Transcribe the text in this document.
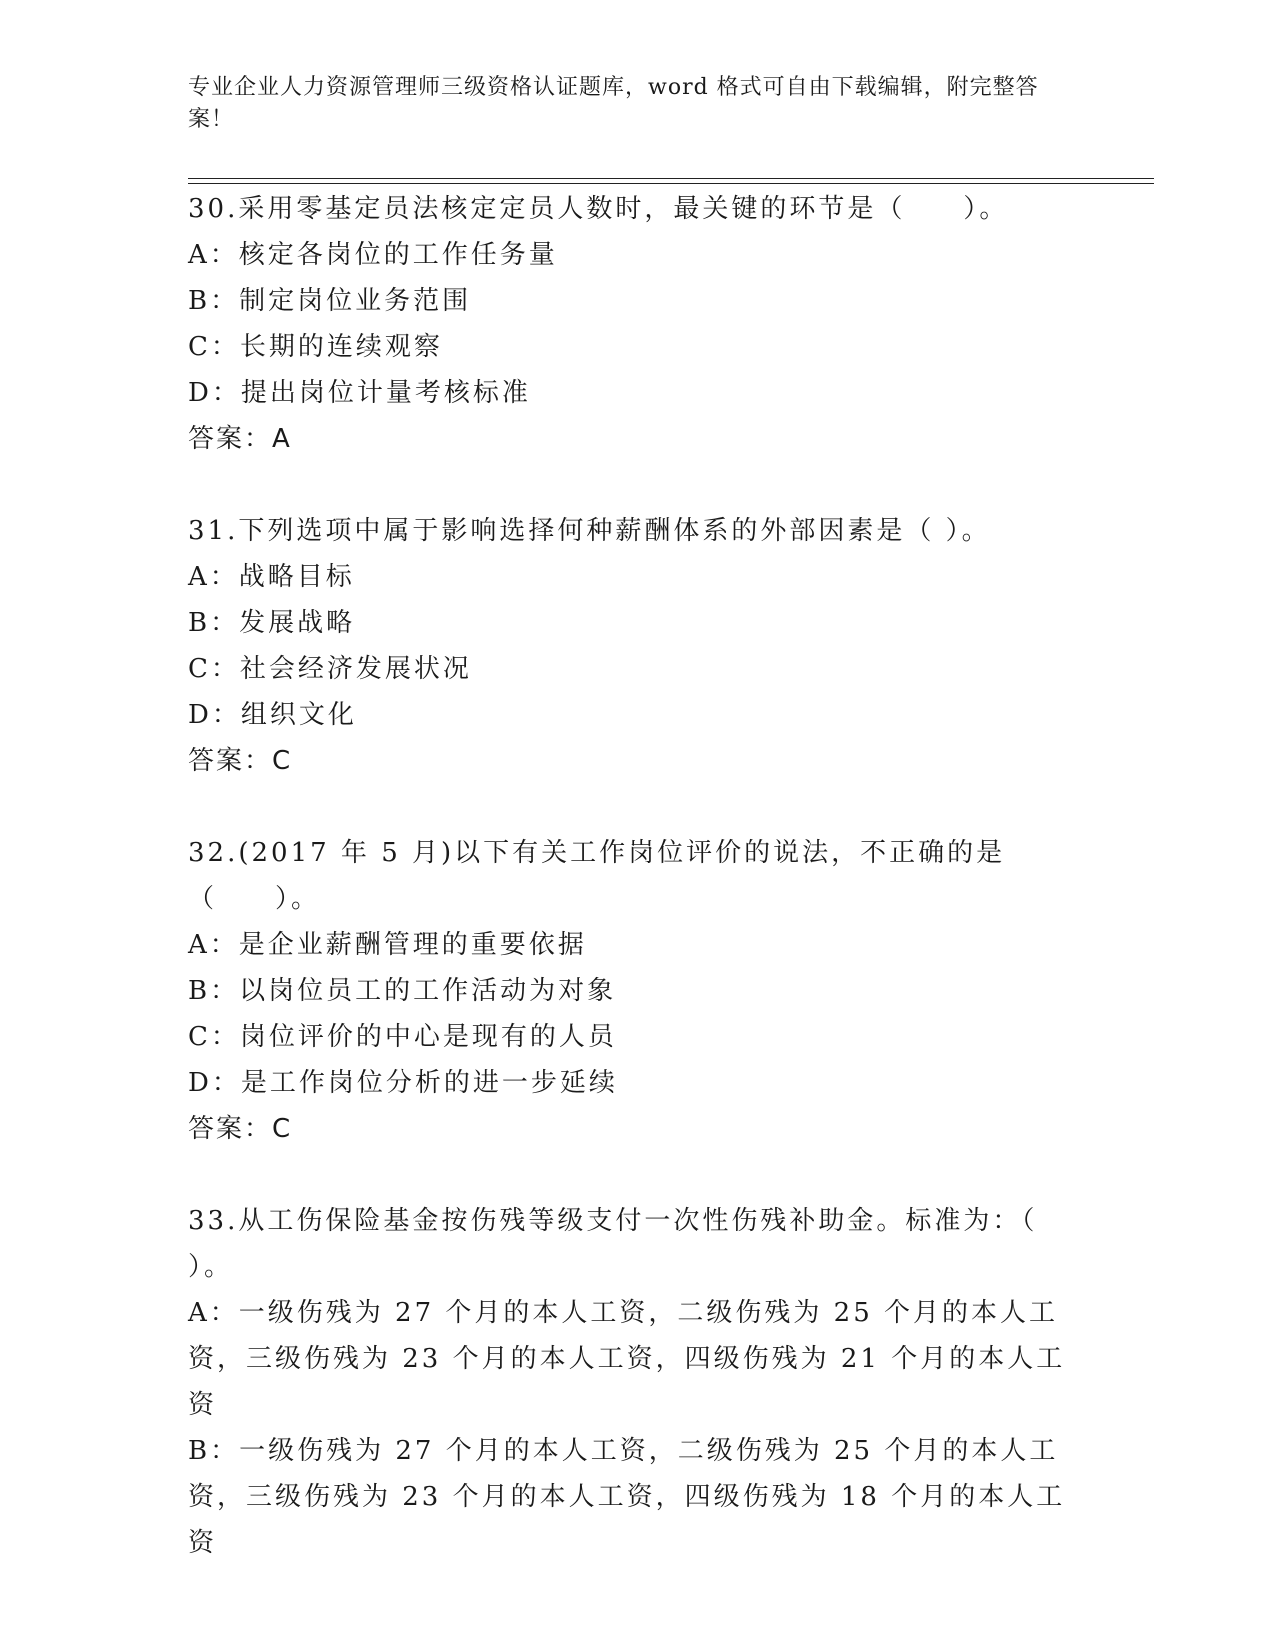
专业企业人力资源管理师三级资格认证题库，word 格式可自由下载编辑，附完整答案！
30.采用零基定员法核定定员人数时，最关键的环节是（　　）。
A：核定各岗位的工作任务量
B：制定岗位业务范围
C：长期的连续观察
D：提出岗位计量考核标准
答案：A
31.下列选项中属于影响选择何种薪酬体系的外部因素是（ ）。
A：战略目标
B：发展战略
C：社会经济发展状况
D：组织文化
答案：C
32.(2017 年 5 月)以下有关工作岗位评价的说法，不正确的是（　　）。
A：是企业薪酬管理的重要依据
B：以岗位员工的工作活动为对象
C：岗位评价的中心是现有的人员
D：是工作岗位分析的进一步延续
答案：C
33.从工伤保险基金按伤残等级支付一次性伤残补助金。标准为：（ ）。
A：一级伤残为 27 个月的本人工资，二级伤残为 25 个月的本人工资，三级伤残为 23 个月的本人工资，四级伤残为 21 个月的本人工资
B：一级伤残为 27 个月的本人工资，二级伤残为 25 个月的本人工资，三级伤残为 23 个月的本人工资，四级伤残为 18 个月的本人工资
